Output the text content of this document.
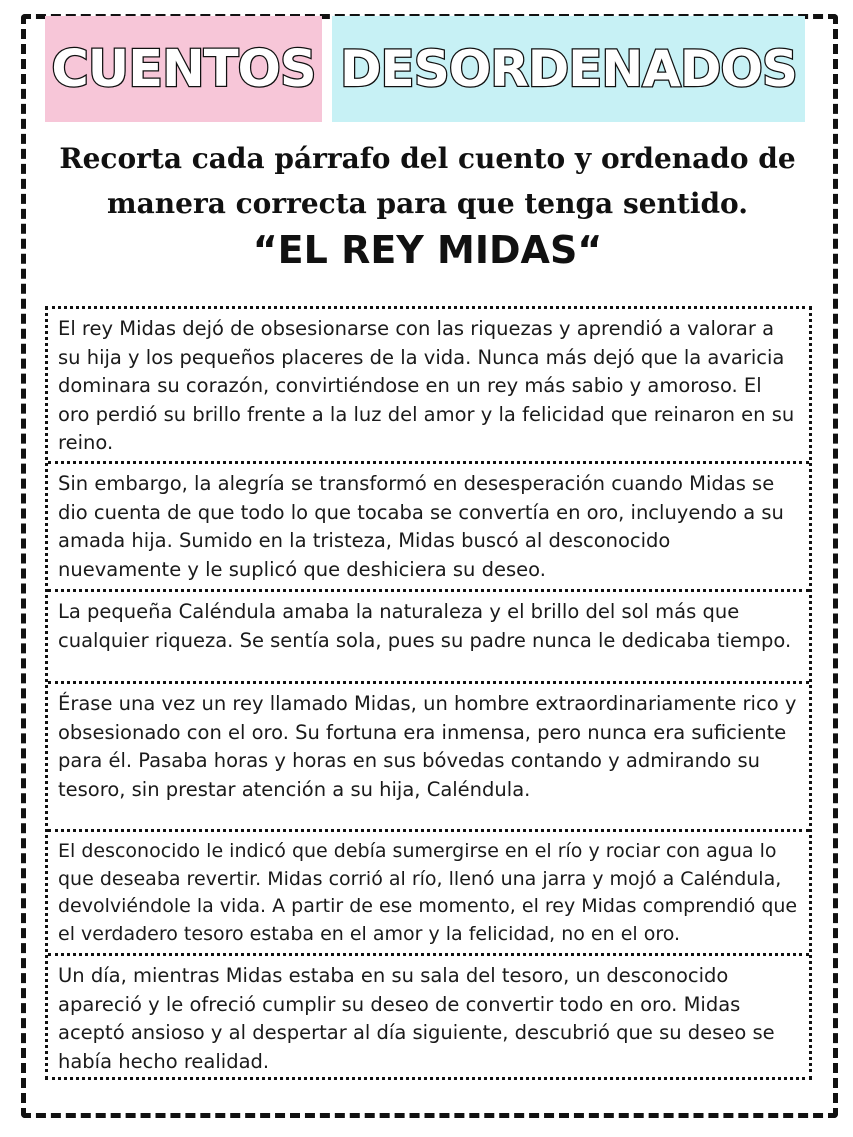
CUENTOS DESORDENADOS
Recorta cada párrafo del cuento y ordenado de
manera correcta para que tenga sentido.
“EL REY MIDAS“
El rey Midas dejó de obsesionarse con las riquezas y aprendió a valorar a su hija y los pequeños placeres de la vida. Nunca más dejó que la avaricia dominara su corazón, convirtiéndose en un rey más sabio y amoroso. El oro perdió su brillo frente a la luz del amor y la felicidad que reinaron en su reino.
Sin embargo, la alegría se transformó en desesperación cuando Midas se dio cuenta de que todo lo que tocaba se convertía en oro, incluyendo a su amada hija. Sumido en la tristeza, Midas buscó al desconocido nuevamente y le suplicó que deshiciera su deseo.
La pequeña Caléndula amaba la naturaleza y el brillo del sol más que cualquier riqueza. Se sentía sola, pues su padre nunca le dedicaba tiempo.
Érase una vez un rey llamado Midas, un hombre extraordinariamente rico y obsesionado con el oro. Su fortuna era inmensa, pero nunca era suficiente para él. Pasaba horas y horas en sus bóvedas contando y admirando su tesoro, sin prestar atención a su hija, Caléndula.
El desconocido le indicó que debía sumergirse en el río y rociar con agua lo que deseaba revertir. Midas corrió al río, llenó una jarra y mojó a Caléndula, devolviéndole la vida. A partir de ese momento, el rey Midas comprendió que el verdadero tesoro estaba en el amor y la felicidad, no en el oro.
Un día, mientras Midas estaba en su sala del tesoro, un desconocido apareció y le ofreció cumplir su deseo de convertir todo en oro. Midas aceptó ansioso y al despertar al día siguiente, descubrió que su deseo se había hecho realidad.
